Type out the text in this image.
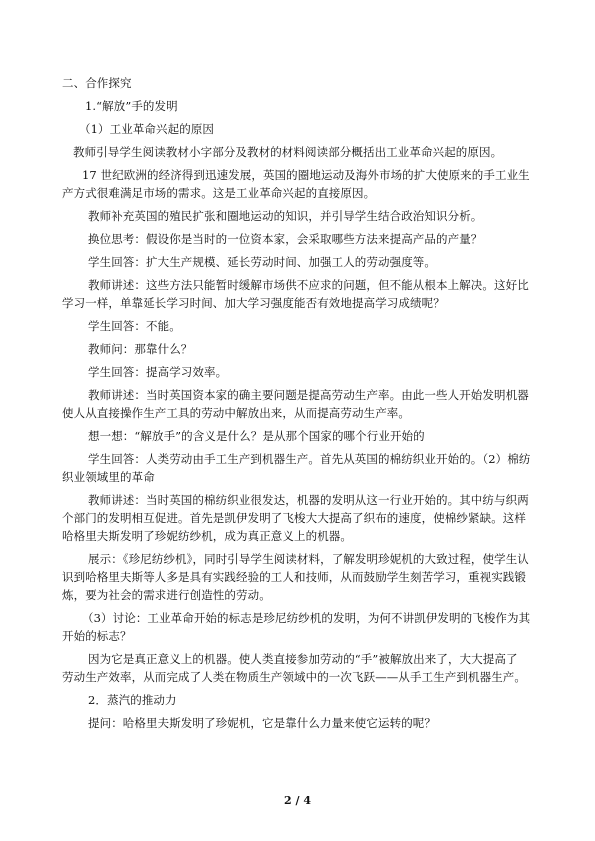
二、合作探究

1.“解放”手的发明

（1）工业革命兴起的原因

教师引导学生阅读教材小字部分及教材的材料阅读部分概括出工业革命兴起的原因。

17 世纪欧洲的经济得到迅速发展，英国的圈地运动及海外市场的扩大使原来的手工业生

产方式很难满足市场的需求。这是工业革命兴起的直接原因。

教师补充英国的殖民扩张和圈地运动的知识，并引导学生结合政治知识分析。

换位思考：假设你是当时的一位资本家，会采取哪些方法来提高产品的产量？

学生回答：扩大生产规模、延长劳动时间、加强工人的劳动强度等。

教师讲述：这些方法只能暂时缓解市场供不应求的问题，但不能从根本上解决。这好比

学习一样，单靠延长学习时间、加大学习强度能否有效地提高学习成绩呢？

学生回答：不能。

教师问：那靠什么？

学生回答：提高学习效率。

教师讲述：当时英国资本家的确主要问题是提高劳动生产率。由此一些人开始发明机器

使人从直接操作生产工具的劳动中解放出来，从而提高劳动生产率。

想一想：“解放手”的含义是什么？是从那个国家的哪个行业开始的

学生回答：人类劳动由手工生产到机器生产。首先从英国的棉纺织业开始的。（2）棉纺

织业领域里的革命

教师讲述：当时英国的棉纺织业很发达，机器的发明从这一行业开始的。其中纺与织两

个部门的发明相互促进。首先是凯伊发明了飞梭大大提高了织布的速度，使棉纱紧缺。这样

哈格里夫斯发明了珍妮纺纱机，成为真正意义上的机器。

展示：《珍尼纺纱机》，同时引导学生阅读材料，了解发明珍妮机的大致过程，使学生认

识到哈格里夫斯等人多是具有实践经验的工人和技师，从而鼓励学生刻苦学习，重视实践锻

炼，要为社会的需求进行创造性的劳动。

（3）讨论：工业革命开始的标志是珍尼纺纱机的发明，为何不讲凯伊发明的飞梭作为其

开始的标志？

因为它是真正意义上的机器。使人类直接参加劳动的“手”被解放出来了，大大提高了

劳动生产效率，从而完成了人类在物质生产领域中的一次飞跃——从手工生产到机器生产。

2．蒸汽的推动力

提问：哈格里夫斯发明了珍妮机，它是靠什么力量来使它运转的呢？

2 / 4
